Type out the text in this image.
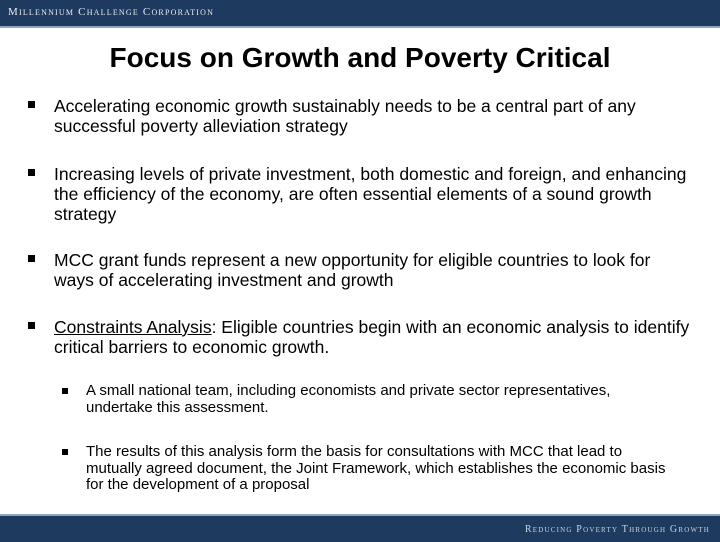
Millennium Challenge Corporation
Focus on Growth and Poverty Critical
Accelerating economic growth sustainably needs to be a central part of any successful poverty alleviation strategy
Increasing levels of private investment, both domestic and foreign, and enhancing the efficiency of the economy, are often essential elements of a sound growth strategy
MCC grant funds represent a new opportunity for eligible countries to look for ways of accelerating investment and growth
Constraints Analysis: Eligible countries begin with an economic analysis to identify critical barriers to economic growth.
A small national team, including economists and private sector representatives, undertake this assessment.
The results of this analysis form the basis for consultations with MCC that lead to mutually agreed document, the Joint Framework, which establishes the economic basis for the development of a proposal
Reducing Poverty Through Growth
